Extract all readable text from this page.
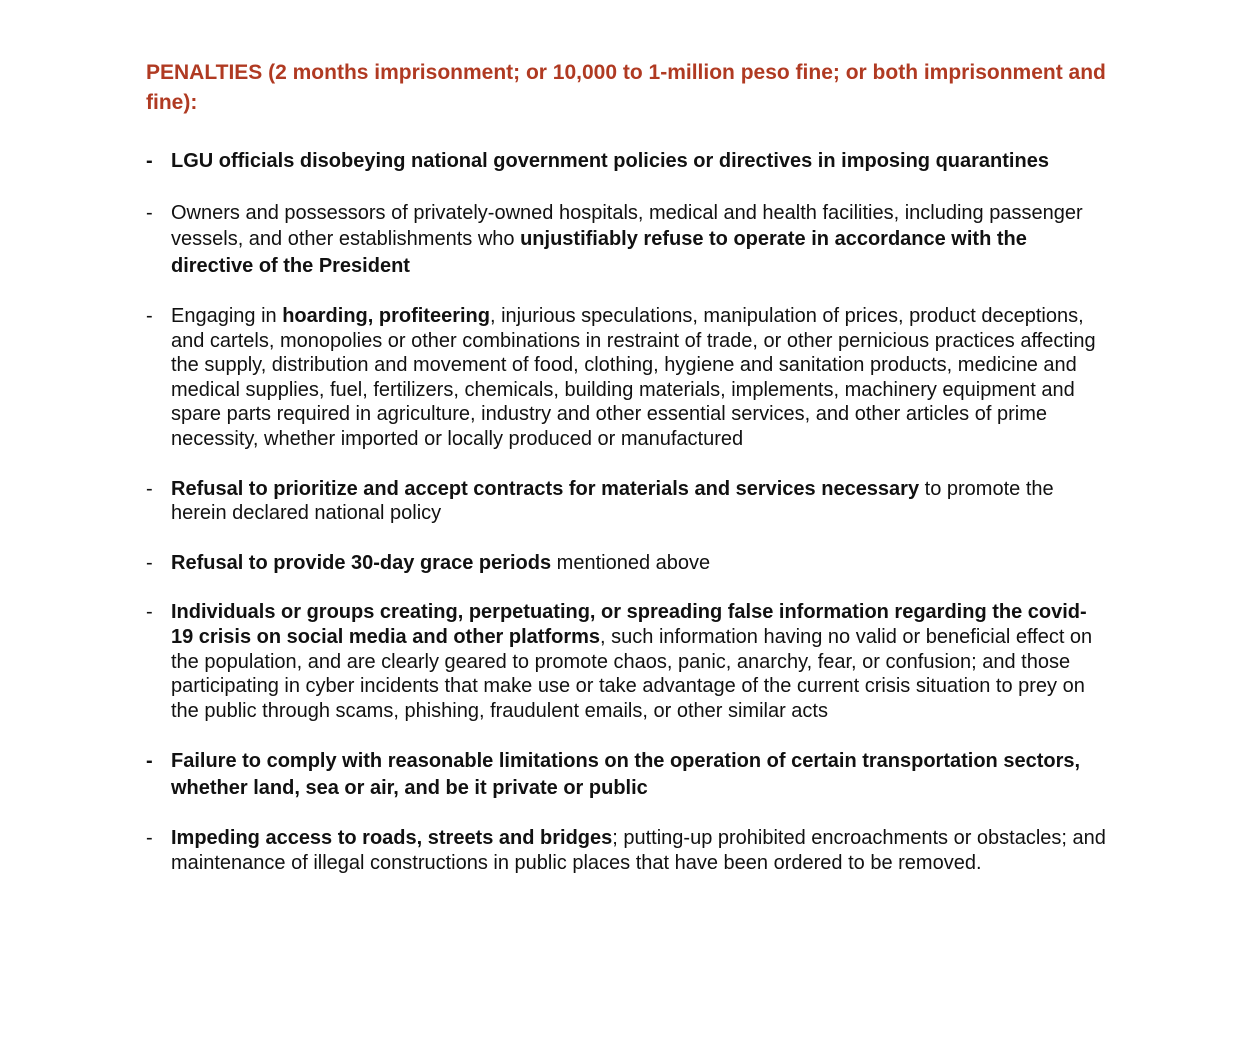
PENALTIES (2 months imprisonment; or 10,000 to 1-million peso fine; or both imprisonment and fine):
- LGU officials disobeying national government policies or directives in imposing quarantines
- Owners and possessors of privately-owned hospitals, medical and health facilities, including passenger vessels, and other establishments who unjustifiably refuse to operate in accordance with the directive of the President
- Engaging in hoarding, profiteering, injurious speculations, manipulation of prices, product deceptions, and cartels, monopolies or other combinations in restraint of trade, or other pernicious practices affecting the supply, distribution and movement of food, clothing, hygiene and sanitation products, medicine and medical supplies, fuel, fertilizers, chemicals, building materials, implements, machinery equipment and spare parts required in agriculture, industry and other essential services, and other articles of prime necessity, whether imported or locally produced or manufactured
- Refusal to prioritize and accept contracts for materials and services necessary to promote the herein declared national policy
- Refusal to provide 30-day grace periods mentioned above
- Individuals or groups creating, perpetuating, or spreading false information regarding the covid-19 crisis on social media and other platforms, such information having no valid or beneficial effect on the population, and are clearly geared to promote chaos, panic, anarchy, fear, or confusion; and those participating in cyber incidents that make use or take advantage of the current crisis situation to prey on the public through scams, phishing, fraudulent emails, or other similar acts
- Failure to comply with reasonable limitations on the operation of certain transportation sectors, whether land, sea or air, and be it private or public
- Impeding access to roads, streets and bridges; putting-up prohibited encroachments or obstacles; and maintenance of illegal constructions in public places that have been ordered to be removed.
